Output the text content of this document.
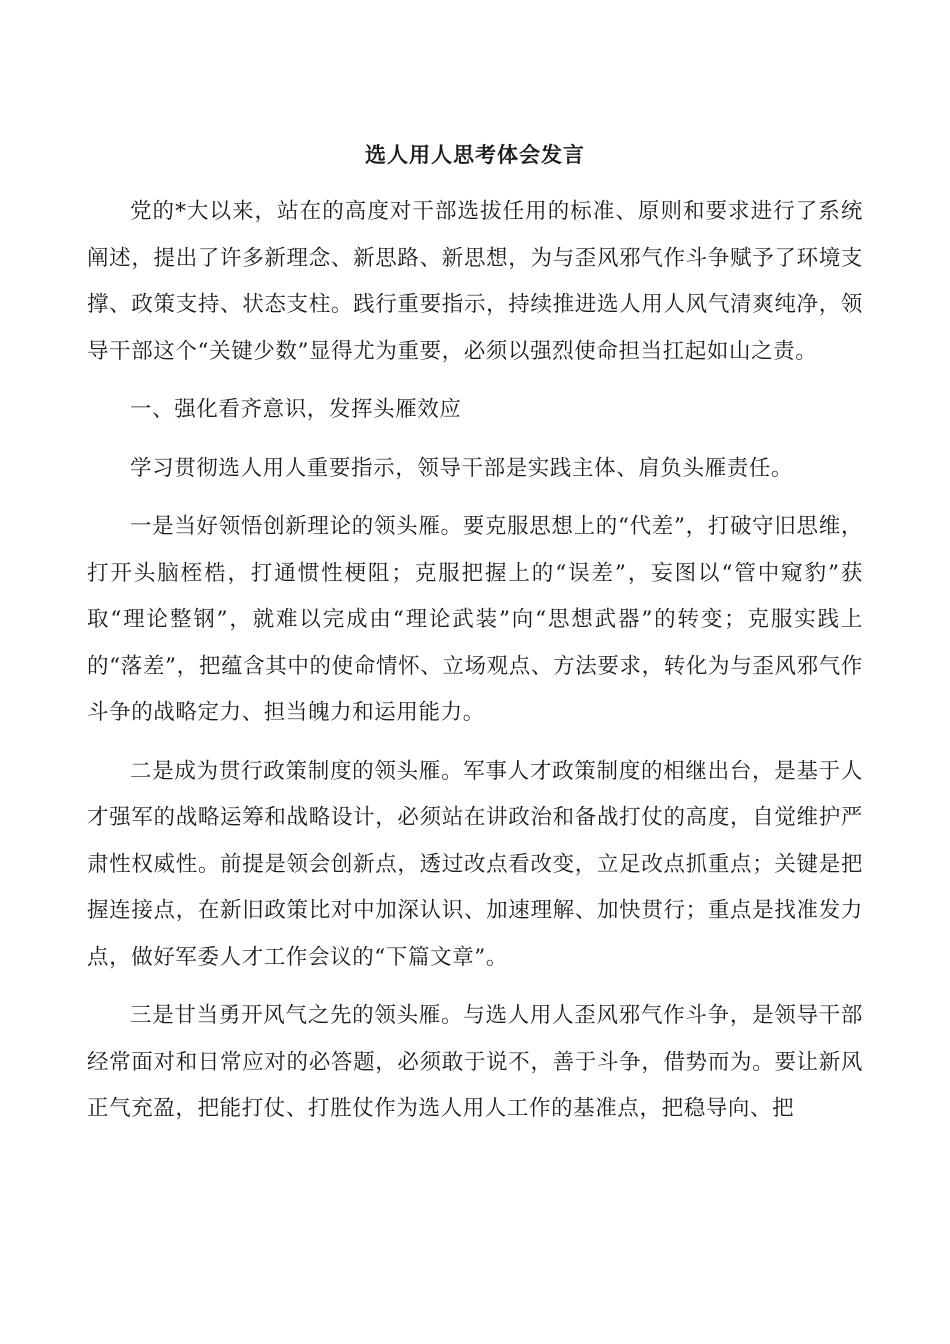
选人用人思考体会发言

党的*大以来，站在的高度对干部选拔任用的标准、原则和要求进行了系统阐述，提出了许多新理念、新思路、新思想，为与歪风邪气作斗争赋予了环境支撑、政策支持、状态支柱。践行重要指示，持续推进选人用人风气清爽纯净，领导干部这个“关键少数”显得尤为重要，必须以强烈使命担当扛起如山之责。

一、强化看齐意识，发挥头雁效应

学习贯彻选人用人重要指示，领导干部是实践主体、肩负头雁责任。

一是当好领悟创新理论的领头雁。要克服思想上的“代差”，打破守旧思维，打开头脑桎梏，打通惯性梗阻；克服把握上的“误差”，妄图以“管中窥豹”获取“理论整钢”，就难以完成由“理论武装”向“思想武器”的转变；克服实践上的“落差”，把蕴含其中的使命情怀、立场观点、方法要求，转化为与歪风邪气作斗争的战略定力、担当魄力和运用能力。

二是成为贯行政策制度的领头雁。军事人才政策制度的相继出台，是基于人才强军的战略运筹和战略设计，必须站在讲政治和备战打仗的高度，自觉维护严肃性权威性。前提是领会创新点，透过改点看改变，立足改点抓重点；关键是把握连接点，在新旧政策比对中加深认识、加速理解、加快贯行；重点是找准发力点，做好军委人才工作会议的“下篇文章”。

三是甘当勇开风气之先的领头雁。与选人用人歪风邪气作斗争，是领导干部经常面对和日常应对的必答题，必须敢于说不，善于斗争，借势而为。要让新风正气充盈，把能打仗、打胜仗作为选人用人工作的基准点，把稳导向、把
